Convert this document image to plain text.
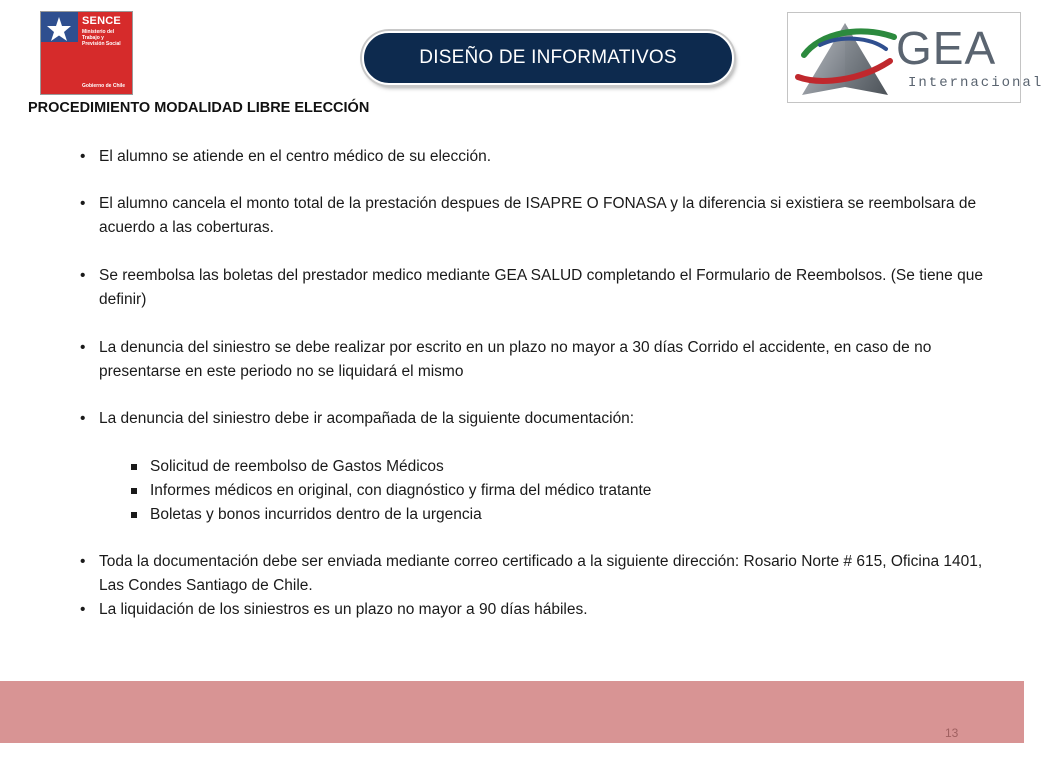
SENCE
Ministerio del
Trabajo y
Previsión Social
Gobierno de Chile
DISEÑO DE INFORMATIVOS	GEA
Internacional
PROCEDIMIENTO MODALIDAD LIBRE ELECCIÓN
• El alumno se atiende en el centro médico de su elección.
• El alumno cancela el monto total de la prestación despues de ISAPRE O FONASA y la diferencia si existiera se reembolsara de acuerdo a las coberturas.
• Se reembolsa las boletas del prestador medico mediante GEA SALUD completando el Formulario de Reembolsos. (Se tiene que definir)
• La denuncia del siniestro se debe realizar por escrito en un plazo no mayor a 30 días Corrido el accidente, en caso de no presentarse en este periodo no se liquidará el mismo
• La denuncia del siniestro debe ir acompañada de la siguiente documentación:
Solicitud de reembolso de Gastos Médicos
Informes médicos en original, con diagnóstico y firma del médico tratante
Boletas y bonos incurridos dentro de la urgencia
• Toda la documentación debe ser enviada mediante correo certificado a la siguiente dirección: Rosario Norte # 615, Oficina 1401, Las Condes Santiago de Chile.
• La liquidación de los siniestros es un plazo no mayor a 90 días hábiles.
13
